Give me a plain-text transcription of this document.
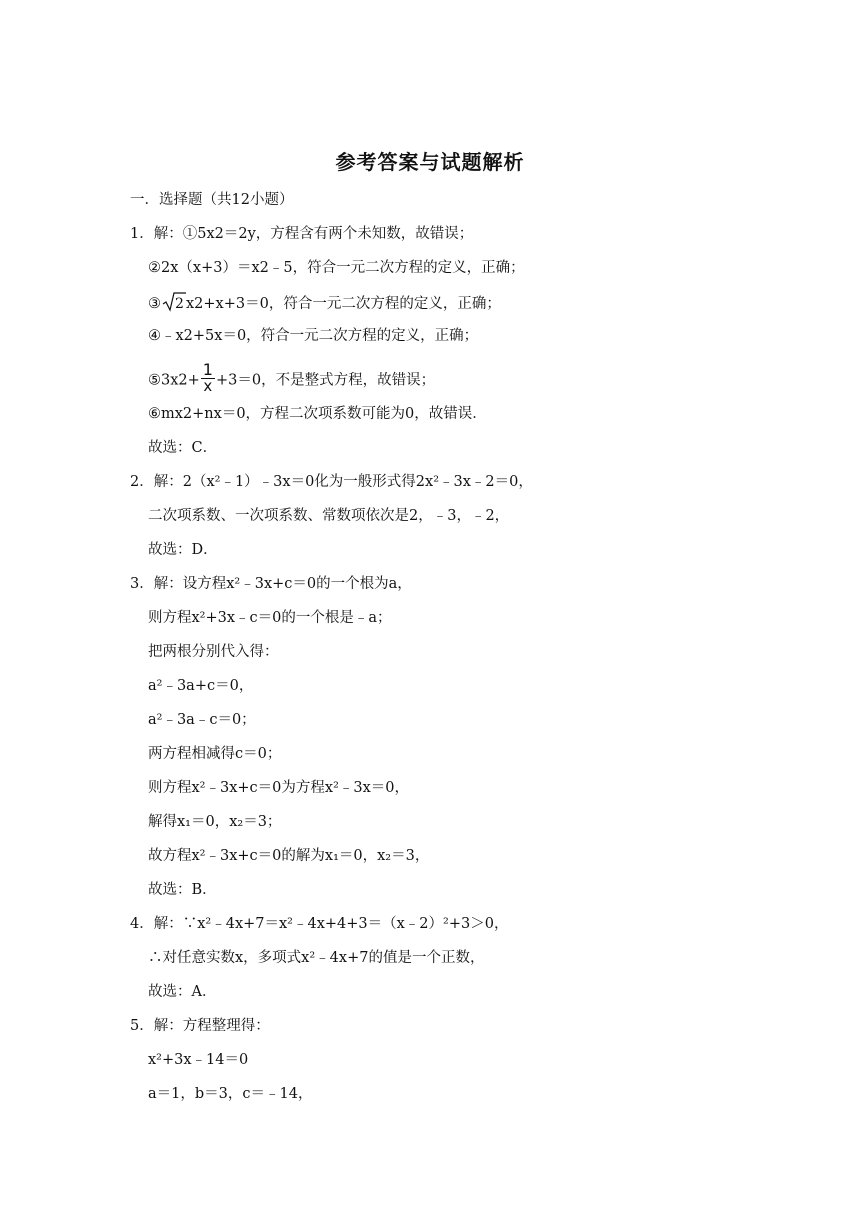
参考答案与试题解析
一．选择题（共12小题）
1．解：①5x2＝2y，方程含有两个未知数，故错误；
②2x（x+3）＝x2﹣5，符合一元二次方程的定义，正确；
③ 2 x2+x+3＝0，符合一元二次方程的定义，正确；
④﹣x2+5x＝0，符合一元二次方程的定义，正确；
⑤3x2+ $\frac{1}{x} +3=0$，不是整式方程，故错误；
⑥mx2+nx＝0，方程二次项系数可能为0，故错误．
故选：C．
2．解：2（x²﹣1）﹣3x＝0化为一般形式得2x²﹣3x﹣2＝0，
二次项系数、一次项系数、常数项依次是2，﹣3，﹣2，
故选：D．
3．解：设方程x²﹣3x+c＝0的一个根为a，
则方程x²+3x﹣c＝0的一个根是﹣a；
把两根分别代入得：
a²﹣3a+c＝0，
a²﹣3a﹣c＝0；
两方程相减得c＝0；
则方程x²﹣3x+c＝0为方程x²﹣3x＝0，
解得x₁＝0，x₂＝3；
故方程x²﹣3x+c＝0的解为x₁＝0，x₂＝3，
故选：B．
4．解：∵x²﹣4x+7＝x²﹣4x+4+3＝（x﹣2）²+3＞0，
∴对任意实数x，多项式x²﹣4x+7的值是一个正数，
故选：A．
5．解：方程整理得：
x²+3x﹣14＝0
a＝1，b＝3，c＝﹣14，
